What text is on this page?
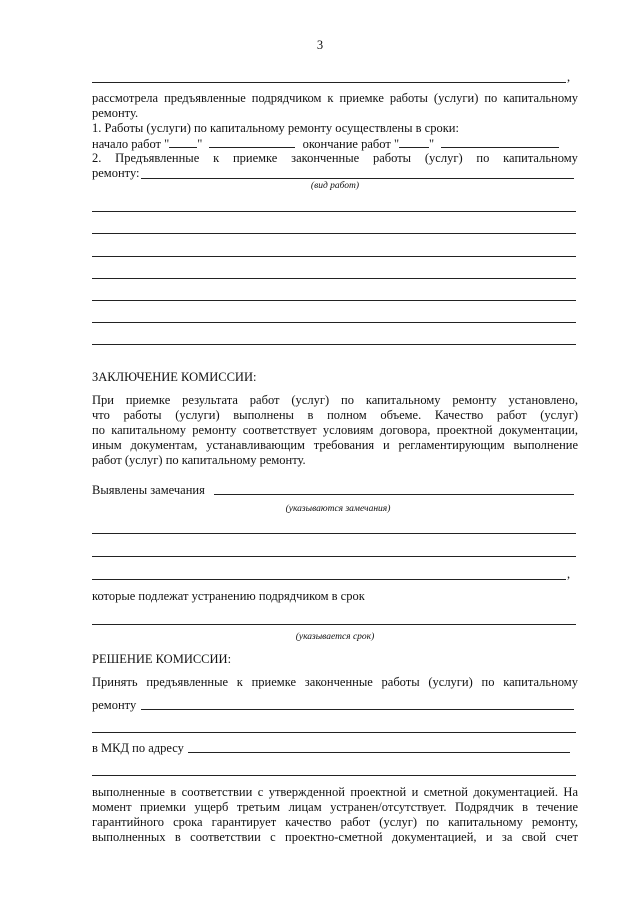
3
,
рассмотрела предъявленные подрядчиком к приемке работы (услуги) по капитальному
ремонту.
1. Работы (услуги) по капитальному ремонту осуществлены в сроки:
начало работ " "	окончание работ " "
2. Предъявленные к приемке законченные работы (услуг) по капитальному
ремонту:
(вид работ)
ЗАКЛЮЧЕНИЕ КОМИССИИ:
При приемке результата работ (услуг) по капитальному ремонту установлено,
что работы (услуги) выполнены в полном объеме. Качество работ (услуг)
по капитальному ремонту соответствует условиям договора, проектной документации,
иным документам, устанавливающим требования и регламентирующим выполнение
работ (услуг) по капитальному ремонту.
Выявлены замечания
(указываются замечания)
,
которые подлежат устранению подрядчиком в срок
(указывается срок)
РЕШЕНИЕ КОМИССИИ:
Принять предъявленные к приемке законченные работы (услуги) по капитальному
ремонту
в МКД по адресу
выполненные в соответствии с утвержденной проектной и сметной документацией. На
момент приемки ущерб третьим лицам устранен/отсутствует. Подрядчик в течение
гарантийного срока гарантирует качество работ (услуг) по капитальному ремонту,
выполненных в соответствии с проектно-сметной документацией, и за свой счет
